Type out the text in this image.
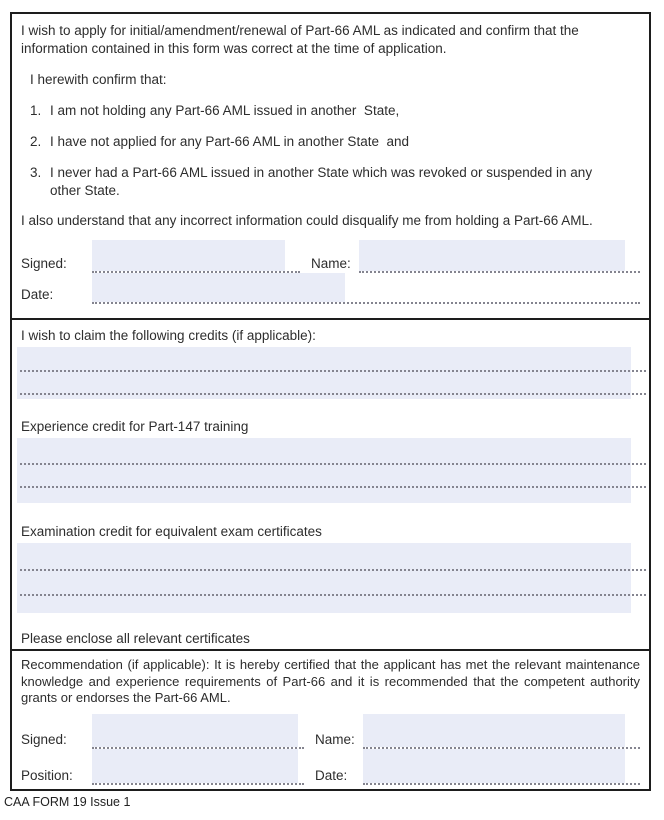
I wish to apply for initial/amendment/renewal of Part-66 AML as indicated and confirm that the information contained in this form was correct at the time of application.

I herewith confirm that:

1. I am not holding any Part-66 AML issued in another  State,
2. I have not applied for any Part-66 AML in another State  and
3. I never had a Part-66 AML issued in another State which was revoked or suspended in any other State.

I also understand that any incorrect information could disqualify me from holding a Part-66 AML.

Signed:	Name:
Date:

I wish to claim the following credits (if applicable):

Experience credit for Part-147 training

Examination credit for equivalent exam certificates

Please enclose all relevant certificates

Recommendation (if applicable): It is hereby certified that the applicant has met the relevant maintenance knowledge and experience requirements of Part-66 and it is recommended that the competent authority grants or endorses the Part-66 AML.

Signed:	Name:
Position:	Date:
CAA FORM 19 Issue 1
